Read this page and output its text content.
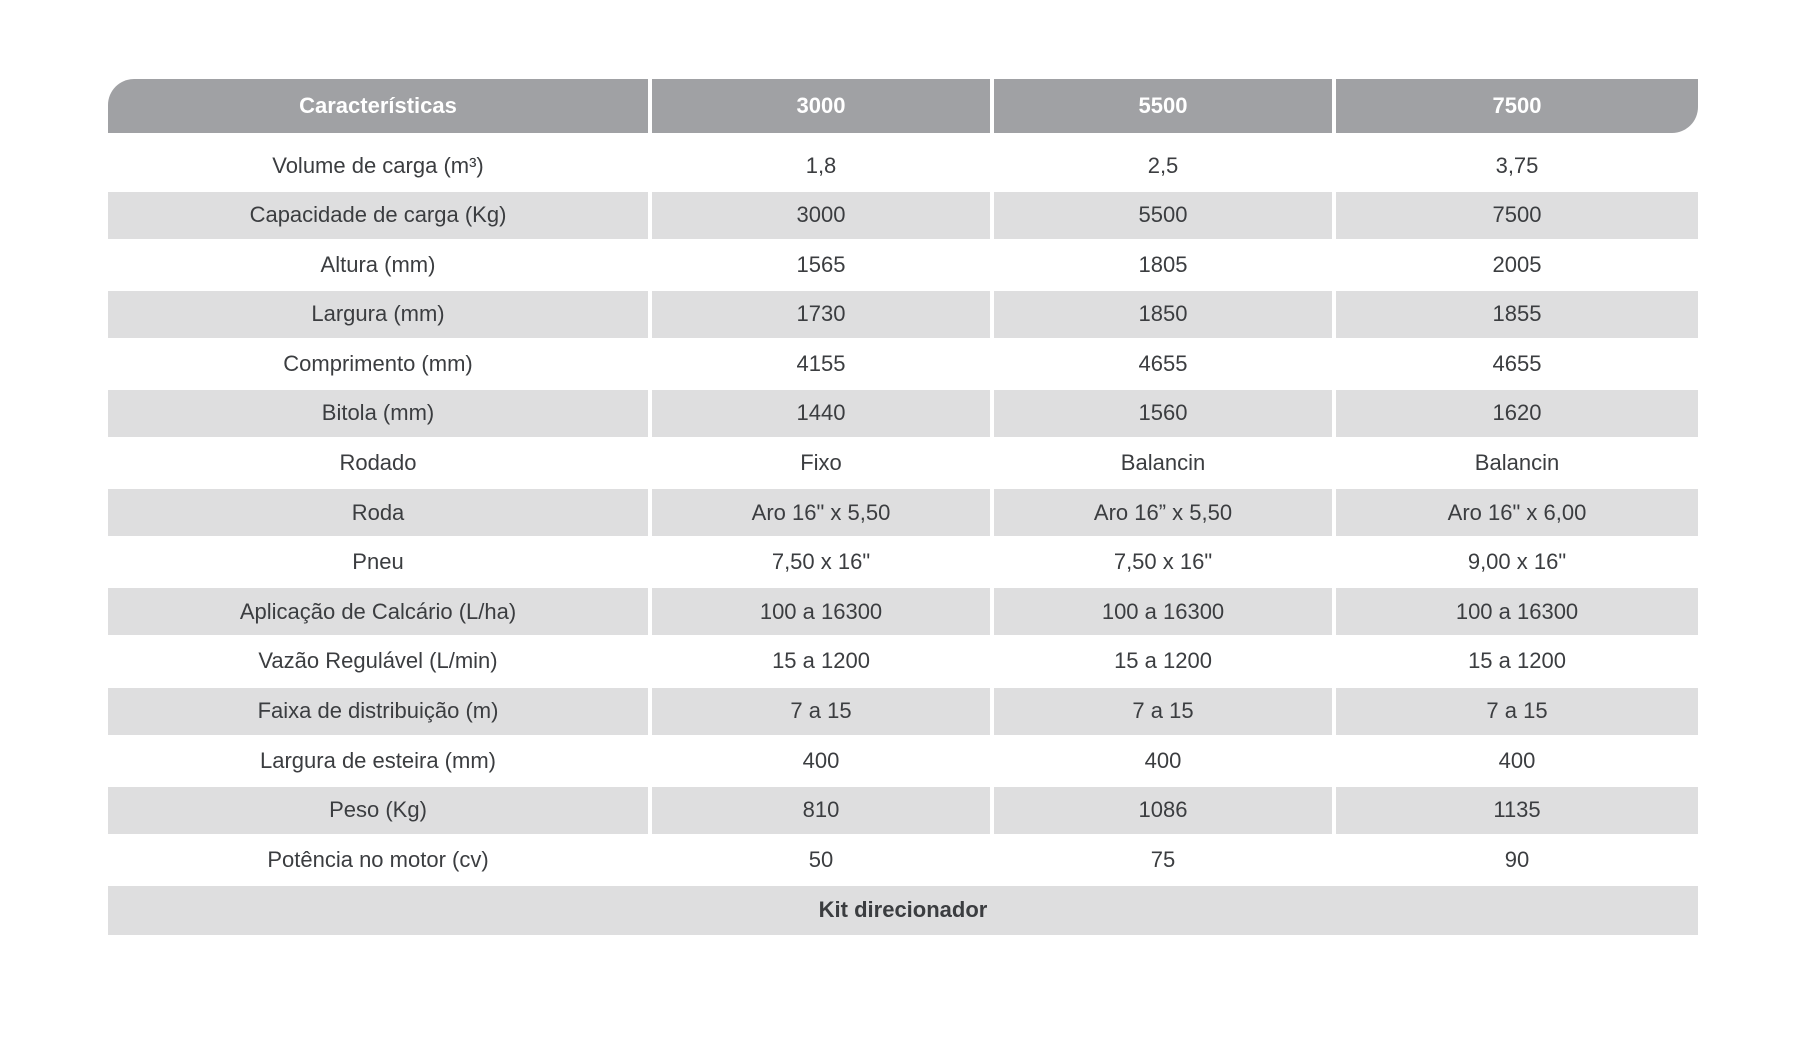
Características	3000	5500	7500
Volume de carga (m³)	1,8	2,5	3,75
Capacidade de carga (Kg)	3000	5500	7500
Altura (mm)	1565	1805	2005
Largura (mm)	1730	1850	1855
Comprimento (mm)	4155	4655	4655
Bitola (mm)	1440	1560	1620
Rodado	Fixo	Balancin	Balancin
Roda	Aro 16" x 5,50	Aro 16” x 5,50	Aro 16" x 6,00
Pneu	7,50 x 16"	7,50 x 16"	9,00 x 16"
Aplicação de Calcário (L/ha)	100 a 16300	100 a 16300	100 a 16300
Vazão Regulável (L/min)	15 a 1200	15 a 1200	15 a 1200
Faixa de distribuição (m)	7 a 15	7 a 15	7 a 15
Largura de esteira (mm)	400	400	400
Peso (Kg)	810	1086	1135
Potência no motor (cv)	50	75	90
Kit direcionador
